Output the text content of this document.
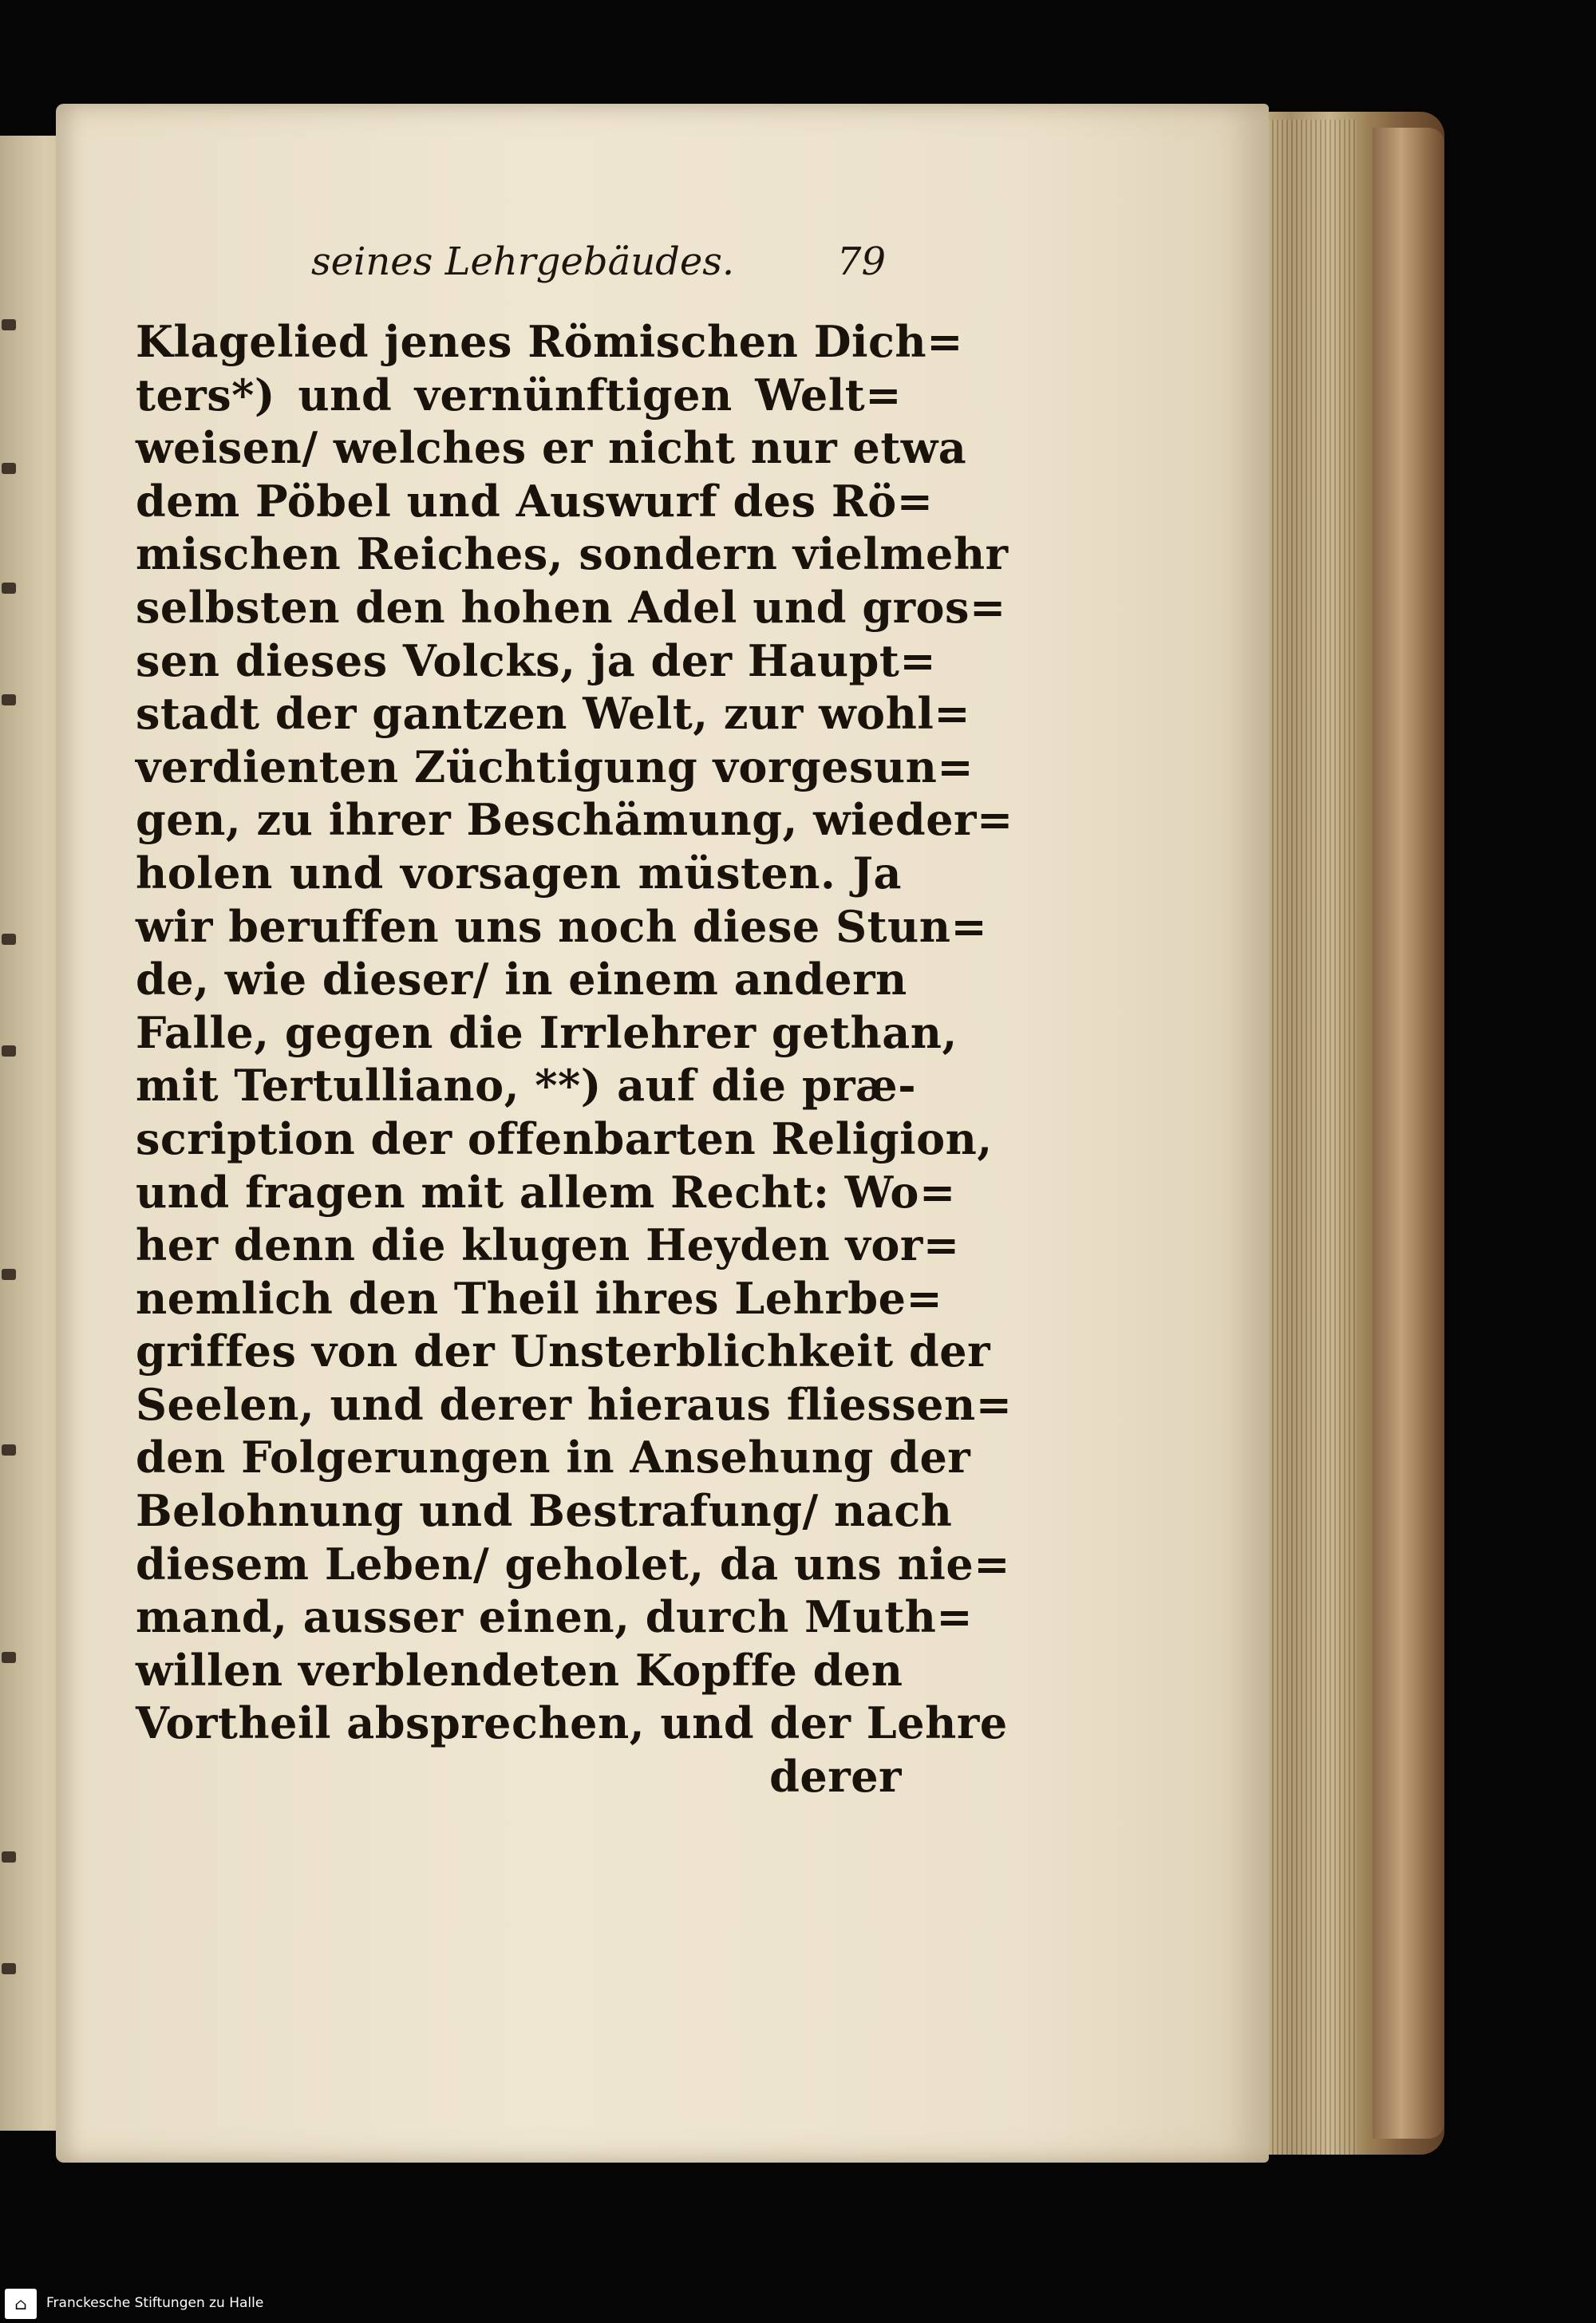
seines Lehrgebäudes.	79
Klagelied jenes Römischen Dich=
ters*) und vernünftigen Welt=
weisen/ welches er nicht nur etwa
dem Pöbel und Auswurf des Rö=
mischen Reiches, sondern vielmehr
selbsten den hohen Adel und gros=
sen dieses Volcks, ja der Haupt=
stadt der gantzen Welt, zur wohl=
verdienten Züchtigung vorgesun=
gen, zu ihrer Beschämung, wieder=
holen und vorsagen müsten. Ja
wir beruffen uns noch diese Stun=
de, wie dieser/ in einem andern
Falle, gegen die Irrlehrer gethan,
mit Tertulliano, **) auf die præ-
scription der offenbarten Religion,
und fragen mit allem Recht: Wo=
her denn die klugen Heyden vor=
nemlich den Theil ihres Lehrbe=
griffes von der Unsterblichkeit der
Seelen, und derer hieraus fliessen=
den Folgerungen in Ansehung der
Belohnung und Bestrafung/ nach
diesem Leben/ geholet, da uns nie=
mand, ausser einen, durch Muth=
willen verblendeten Kopffe den
Vortheil absprechen, und der Lehre
derer
⌂	Franckesche Stiftungen zu Halle
